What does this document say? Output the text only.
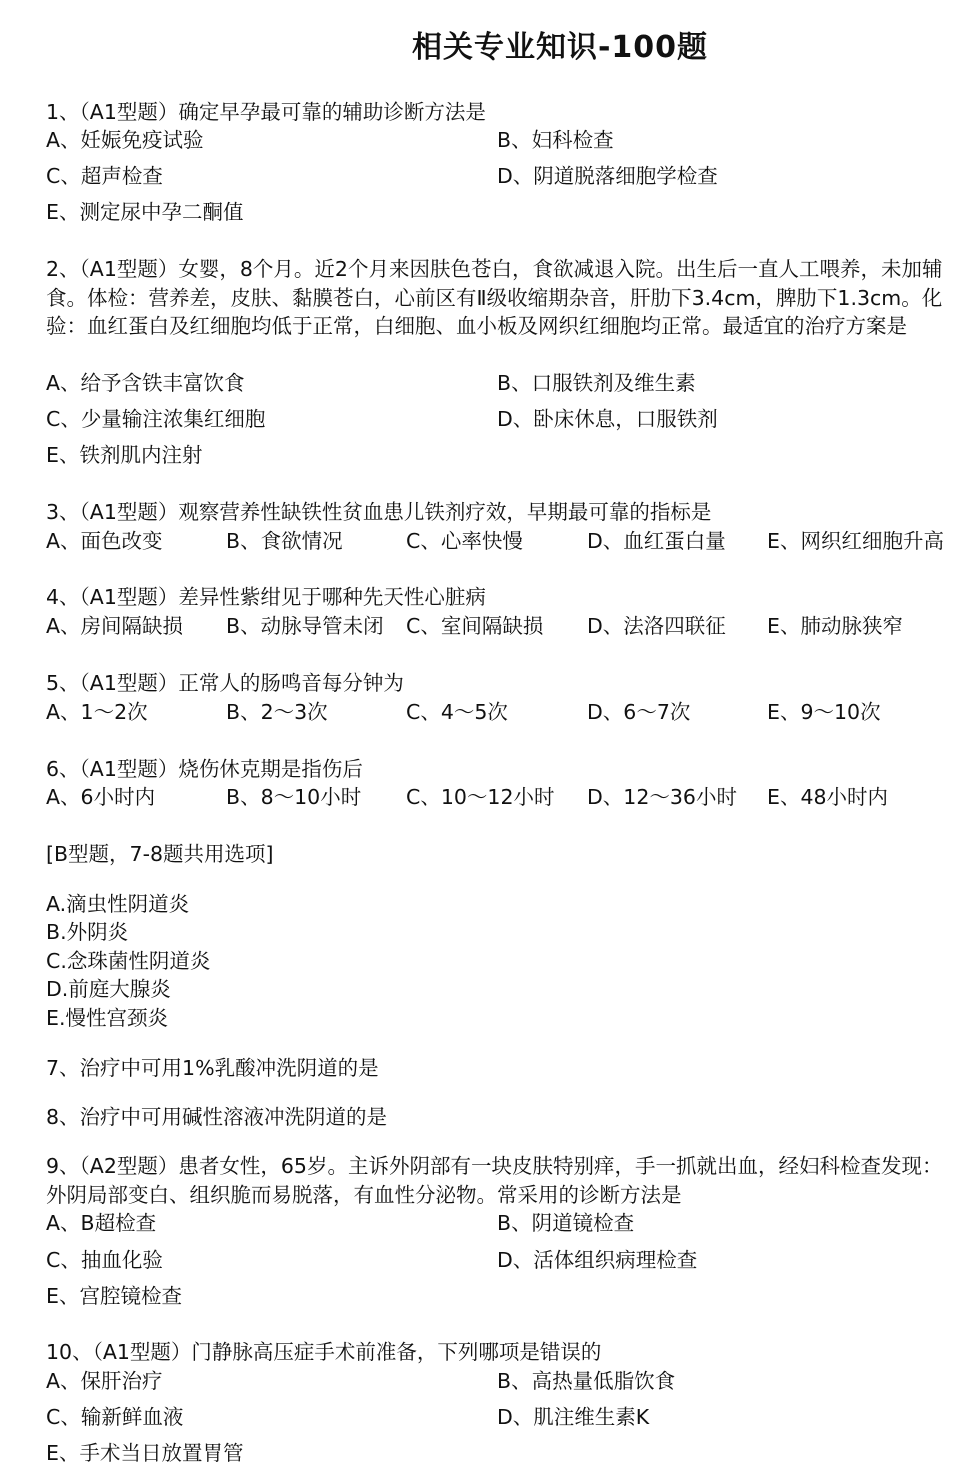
相关专业知识-100题
1、（A1型题）确定早孕最可靠的辅助诊断方法是
A、妊娠免疫试验	B、妇科检查
C、超声检查	D、阴道脱落细胞学检查
E、测定尿中孕二酮值
2、（A1型题）女婴，8个月。近2个月来因肤色苍白，食欲减退入院。出生后一直人工喂养，未加辅食。体检：营养差，皮肤、黏膜苍白，心前区有Ⅱ级收缩期杂音，肝肋下3.4cm，脾肋下1.3cm。化验：血红蛋白及红细胞均低于正常，白细胞、血小板及网织红细胞均正常。最适宜的治疗方案是
A、给予含铁丰富饮食	B、口服铁剂及维生素
C、少量输注浓集红细胞	D、卧床休息，口服铁剂
E、铁剂肌内注射
3、（A1型题）观察营养性缺铁性贫血患儿铁剂疗效，早期最可靠的指标是
A、面色改变	B、食欲情况	C、心率快慢	D、血红蛋白量 E、网织红细胞升高
4、（A1型题）差异性紫绀见于哪种先天性心脏病
A、房间隔缺损 B、动脉导管未闭 C、室间隔缺损 D、法洛四联征 E、肺动脉狭窄
5、（A1型题）正常人的肠鸣音每分钟为
A、1～2次	B、2～3次	C、4～5次	D、6～7次	E、9～10次
6、（A1型题）烧伤休克期是指伤后
A、6小时内	B、8～10小时 C、10～12小时 D、12～36小时 E、48小时内
[B型题，7-8题共用选项]
A.滴虫性阴道炎
B.外阴炎
C.念珠菌性阴道炎
D.前庭大腺炎
E.慢性宫颈炎
7、治疗中可用1%乳酸冲洗阴道的是
8、治疗中可用碱性溶液冲洗阴道的是
9、（A2型题）患者女性，65岁。主诉外阴部有一块皮肤特别痒，手一抓就出血，经妇科检查发现：外阴局部变白、组织脆而易脱落，有血性分泌物。常采用的诊断方法是
A、B超检查	B、阴道镜检查
C、抽血化验	D、活体组织病理检查
E、宫腔镜检查
10、（A1型题）门静脉高压症手术前准备，下列哪项是错误的
A、保肝治疗	B、高热量低脂饮食
C、输新鲜血液	D、肌注维生素K
E、手术当日放置胃管
